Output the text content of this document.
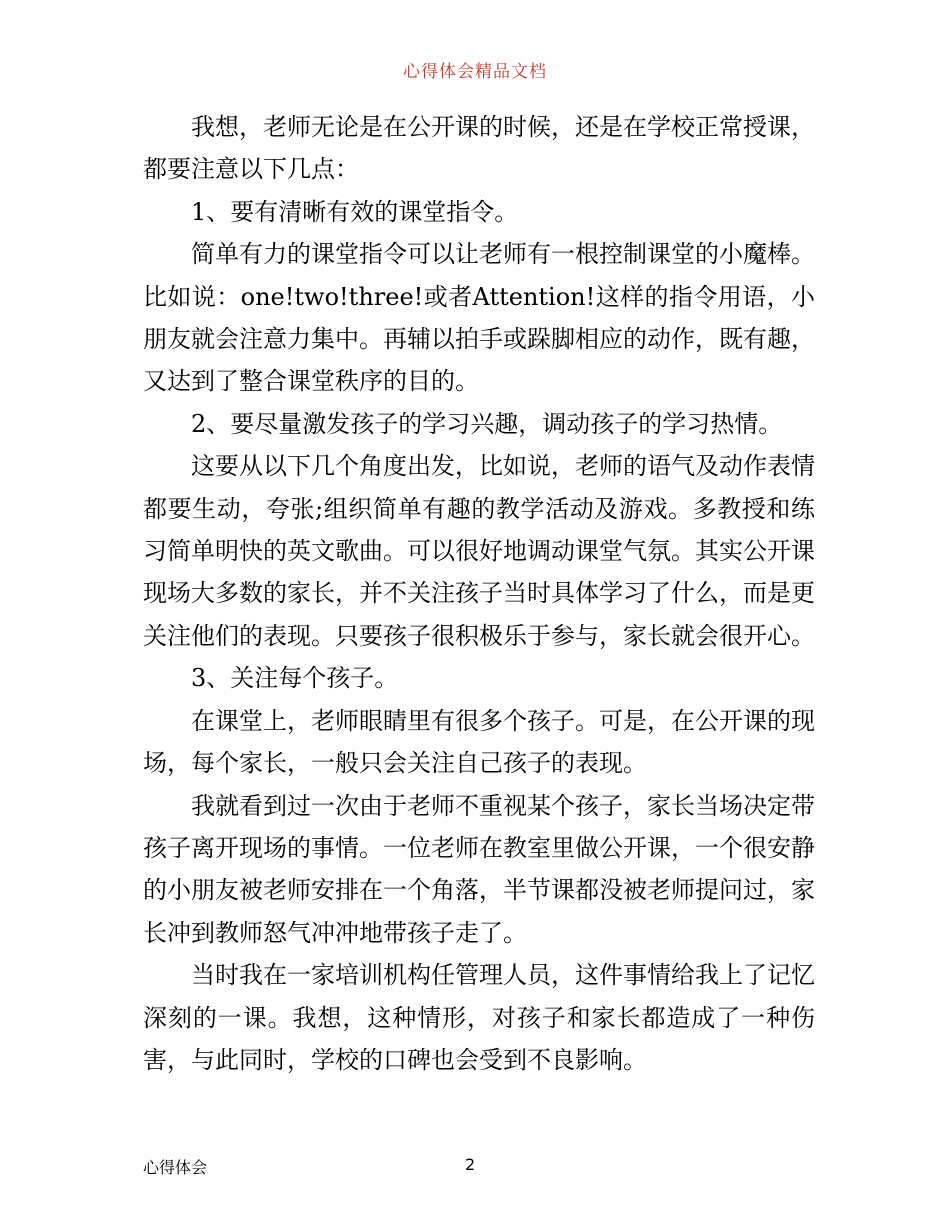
心得体会精品文档

我想，老师无论是在公开课的时候，还是在学校正常授课，都要注意以下几点：

1、要有清晰有效的课堂指令。

简单有力的课堂指令可以让老师有一根控制课堂的小魔棒。比如说：one!two!three!或者Attention!这样的指令用语，小朋友就会注意力集中。再辅以拍手或跺脚相应的动作，既有趣，又达到了整合课堂秩序的目的。

2、要尽量激发孩子的学习兴趣，调动孩子的学习热情。

这要从以下几个角度出发，比如说，老师的语气及动作表情都要生动，夸张;组织简单有趣的教学活动及游戏。多教授和练习简单明快的英文歌曲。可以很好地调动课堂气氛。其实公开课现场大多数的家长，并不关注孩子当时具体学习了什么，而是更关注他们的表现。只要孩子很积极乐于参与，家长就会很开心。

3、关注每个孩子。

在课堂上，老师眼睛里有很多个孩子。可是，在公开课的现场，每个家长，一般只会关注自己孩子的表现。

我就看到过一次由于老师不重视某个孩子，家长当场决定带孩子离开现场的事情。一位老师在教室里做公开课，一个很安静的小朋友被老师安排在一个角落，半节课都没被老师提问过，家长冲到教师怒气冲冲地带孩子走了。

当时我在一家培训机构任管理人员，这件事情给我上了记忆深刻的一课。我想，这种情形，对孩子和家长都造成了一种伤害，与此同时，学校的口碑也会受到不良影响。

心得体会	2
